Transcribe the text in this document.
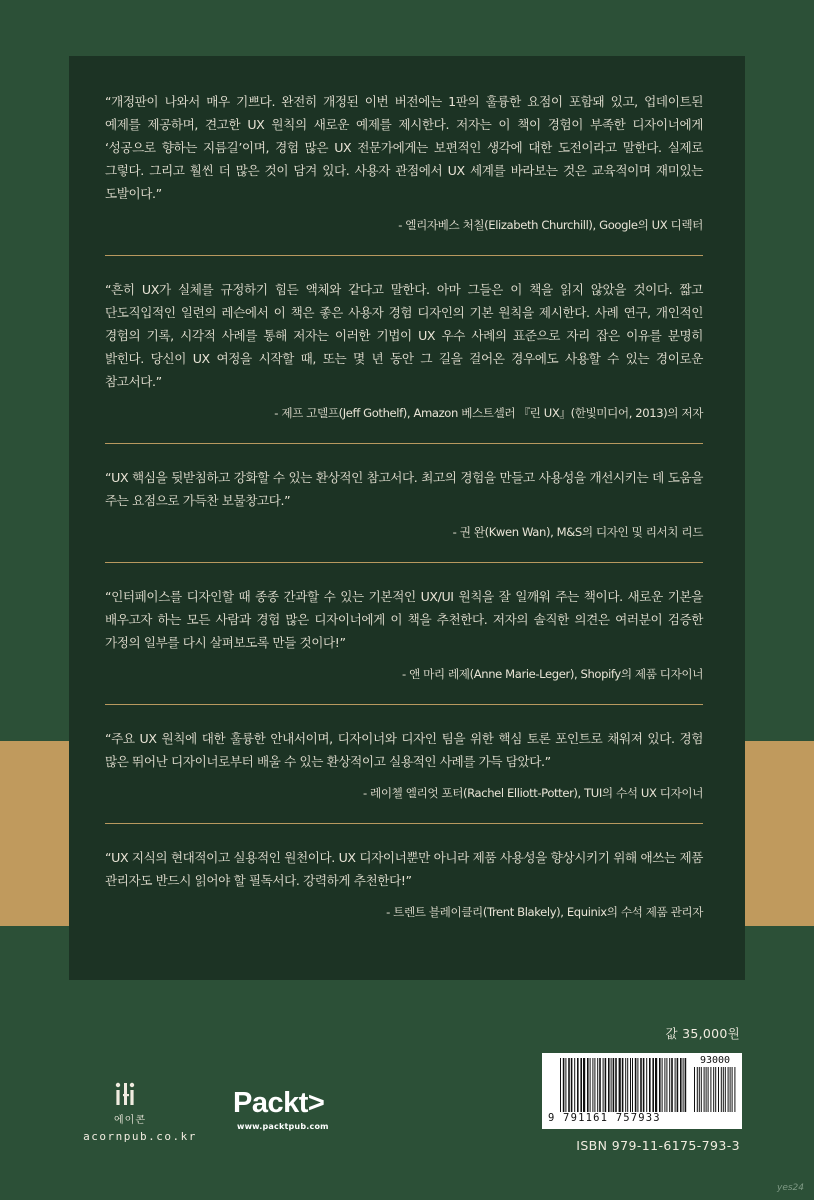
“개정판이 나와서 매우 기쁘다. 완전히 개정된 이번 버전에는 1판의 훌륭한 요점이 포함돼 있고, 업데이트된 예제를 제공하며, 견고한 UX 원칙의 새로운 예제를 제시한다. 저자는 이 책이 경험이 부족한 디자이너에게 ‘성공으로 향하는 지름길’이며, 경험 많은 UX 전문가에게는 보편적인 생각에 대한 도전이라고 말한다. 실제로 그렇다. 그리고 훨씬 더 많은 것이 담겨 있다. 사용자 관점에서 UX 세계를 바라보는 것은 교육적이며 재미있는 도발이다.”

- 엘리자베스 처칠(Elizabeth Churchill), Google의 UX 디렉터

“흔히 UX가 실체를 규정하기 힘든 액체와 같다고 말한다. 아마 그들은 이 책을 읽지 않았을 것이다. 짧고 단도직입적인 일련의 레슨에서 이 책은 좋은 사용자 경험 디자인의 기본 원칙을 제시한다. 사례 연구, 개인적인 경험의 기록, 시각적 사례를 통해 저자는 이러한 기법이 UX 우수 사례의 표준으로 자리 잡은 이유를 분명히 밝힌다. 당신이 UX 여정을 시작할 때, 또는 몇 년 동안 그 길을 걸어온 경우에도 사용할 수 있는 경이로운 참고서다.”

- 제프 고델프(Jeff Gothelf), Amazon 베스트셀러 『린 UX』(한빛미디어, 2013)의 저자

“UX 핵심을 뒷받침하고 강화할 수 있는 환상적인 참고서다. 최고의 경험을 만들고 사용성을 개선시키는 데 도움을 주는 요점으로 가득찬 보물창고다.”

- 권 완(Kwen Wan), M&S의 디자인 및 리서치 리드

“인터페이스를 디자인할 때 종종 간과할 수 있는 기본적인 UX/UI 원칙을 잘 일깨워 주는 책이다. 새로운 기본을 배우고자 하는 모든 사람과 경험 많은 디자이너에게 이 책을 추천한다. 저자의 솔직한 의견은 여러분이 검증한 가정의 일부를 다시 살펴보도록 만들 것이다!”

- 앤 마리 레제(Anne Marie-Leger), Shopify의 제품 디자이너

“주요 UX 원칙에 대한 훌륭한 안내서이며, 디자이너와 디자인 팀을 위한 핵심 토론 포인트로 채워져 있다. 경험 많은 뛰어난 디자이너로부터 배울 수 있는 환상적이고 실용적인 사례를 가득 담았다.”

- 레이첼 엘리엇 포터(Rachel Elliott-Potter), TUI의 수석 UX 디자이너

“UX 지식의 현대적이고 실용적인 원천이다. UX 디자이너뿐만 아니라 제품 사용성을 향상시키기 위해 애쓰는 제품 관리자도 반드시 읽어야 할 필독서다. 강력하게 추천한다!”

- 트렌트 블레이클리(Trent Blakely), Equinix의 수석 제품 관리자

값 35,000원
93000
9 791161 757933
ISBN 979-11-6175-793-3
에이콘
acornpub.co.kr
Packt>
www.packtpub.com
yes24
